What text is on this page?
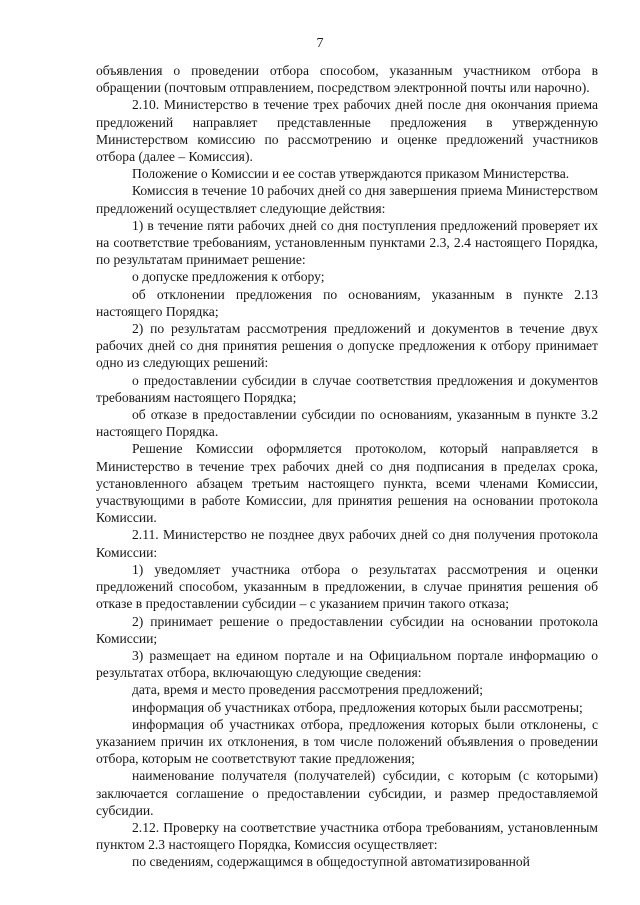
7

объявления о проведении отбора способом, указанным участником отбора в обращении (почтовым отправлением, посредством электронной почты или нарочно).

2.10. Министерство в течение трех рабочих дней после дня окончания приема предложений направляет представленные предложения в утвержденную Министерством комиссию по рассмотрению и оценке предложений участников отбора (далее – Комиссия).

Положение о Комиссии и ее состав утверждаются приказом Министерства.

Комиссия в течение 10 рабочих дней со дня завершения приема Министерством предложений осуществляет следующие действия:

1) в течение пяти рабочих дней со дня поступления предложений проверяет их на соответствие требованиям, установленным пунктами 2.3, 2.4 настоящего Порядка, по результатам принимает решение:

о допуске предложения к отбору;

об отклонении предложения по основаниям, указанным в пункте 2.13 настоящего Порядка;

2) по результатам рассмотрения предложений и документов в течение двух рабочих дней со дня принятия решения о допуске предложения к отбору принимает одно из следующих решений:

о предоставлении субсидии в случае соответствия предложения и документов требованиям настоящего Порядка;

об отказе в предоставлении субсидии по основаниям, указанным в пункте 3.2 настоящего Порядка.

Решение Комиссии оформляется протоколом, который направляется в Министерство в течение трех рабочих дней со дня подписания в пределах срока, установленного абзацем третьим настоящего пункта, всеми членами Комиссии, участвующими в работе Комиссии, для принятия решения на основании протокола Комиссии.

2.11. Министерство не позднее двух рабочих дней со дня получения протокола Комиссии:

1) уведомляет участника отбора о результатах рассмотрения и оценки предложений способом, указанным в предложении, в случае принятия решения об отказе в предоставлении субсидии – с указанием причин такого отказа;

2) принимает решение о предоставлении субсидии на основании протокола Комиссии;

3) размещает на едином портале и на Официальном портале информацию о результатах отбора, включающую следующие сведения:

дата, время и место проведения рассмотрения предложений;

информация об участниках отбора, предложения которых были рассмотрены;

информация об участниках отбора, предложения которых были отклонены, с указанием причин их отклонения, в том числе положений объявления о проведении отбора, которым не соответствуют такие предложения;

наименование получателя (получателей) субсидии, с которым (с которыми) заключается соглашение о предоставлении субсидии, и размер предоставляемой субсидии.

2.12. Проверку на соответствие участника отбора требованиям, установленным пунктом 2.3 настоящего Порядка, Комиссия осуществляет:

по сведениям, содержащимся в общедоступной автоматизированной
